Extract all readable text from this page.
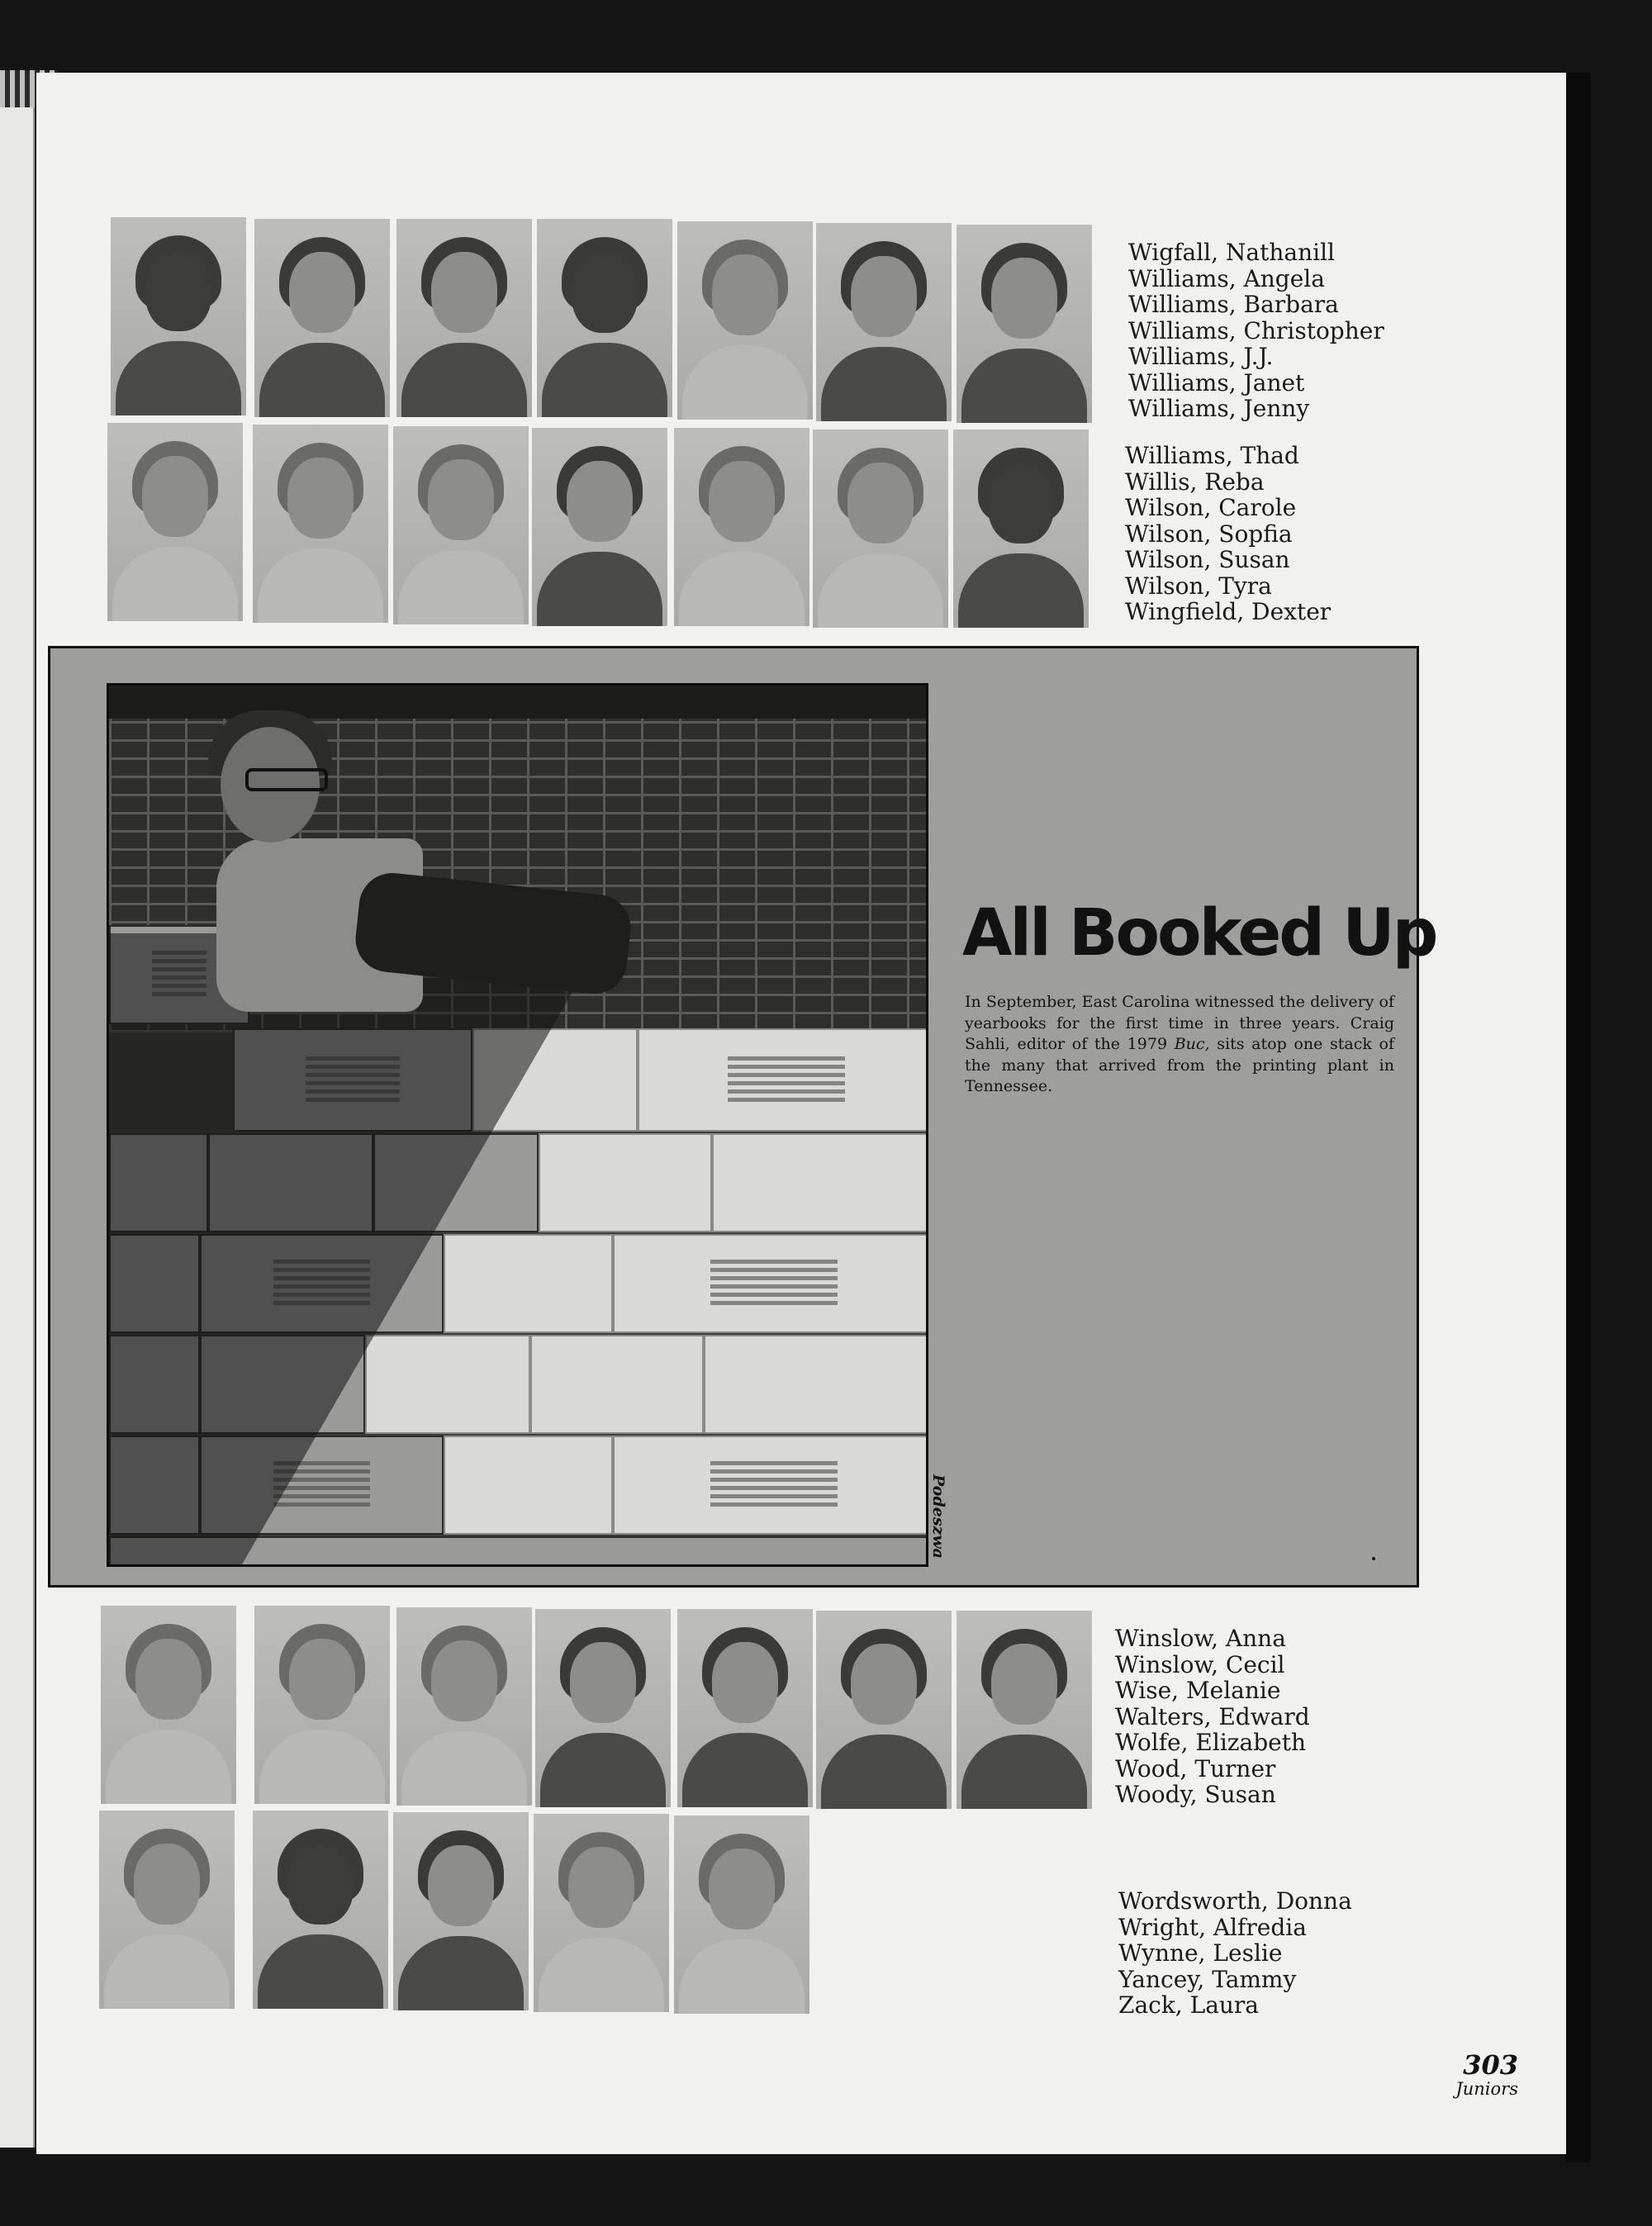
Wigfall, Nathanill
Williams, Angela
Williams, Barbara
Williams, Christopher
Williams, J.J.
Williams, Janet
Williams, Jenny
Williams, Thad
Willis, Reba
Wilson, Carole
Wilson, Sopfia
Wilson, Susan
Wilson, Tyra
Wingfield, Dexter
Podeszwa
All Booked Up
In September, East Carolina witnessed the delivery of yearbooks for the first time in three years. Craig Sahli, editor of the 1979 Buc, sits atop one stack of the many that arrived from the printing plant in Tennessee.
Winslow, Anna
Winslow, Cecil
Wise, Melanie
Walters, Edward
Wolfe, Elizabeth
Wood, Turner
Woody, Susan
Wordsworth, Donna
Wright, Alfredia
Wynne, Leslie
Yancey, Tammy
Zack, Laura
303
Juniors
